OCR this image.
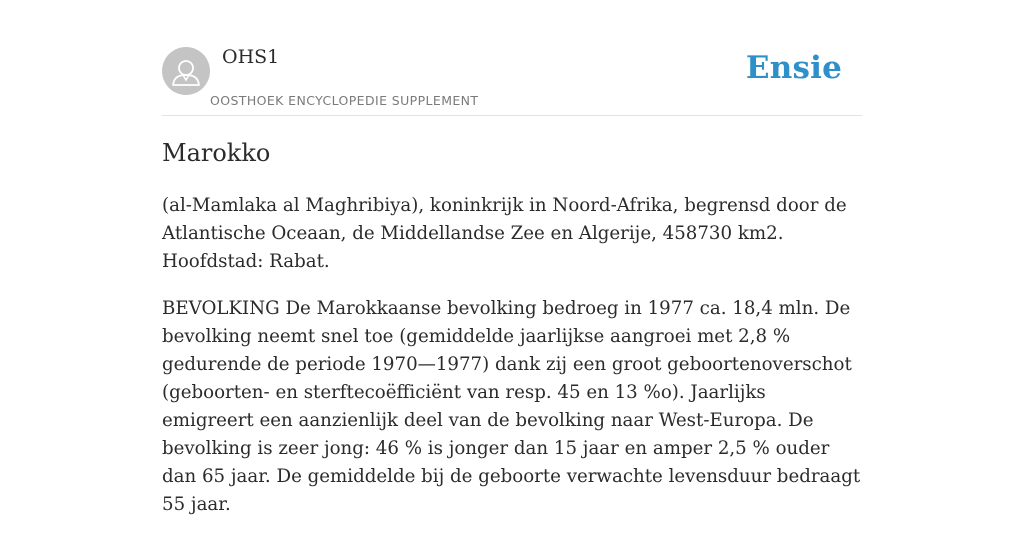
OHS1
OOSTHOEK ENCYCLOPEDIE SUPPLEMENT
Ensie
Marokko

(al-Mamlaka al Maghribiya), koninkrijk in Noord-Afrika, begrensd door de Atlantische Oceaan, de Middellandse Zee en Algerije, 458730 km2. Hoofdstad: Rabat.

BEVOLKING De Marokkaanse bevolking bedroeg in 1977 ca. 18,4 mln. De bevolking neemt snel toe (gemiddelde jaarlijkse aangroei met 2,8 % gedurende de periode 1970—1977) dank zij een groot geboortenoverschot (geboorten- en sterftecoëfficiënt van resp. 45 en 13 %o). Jaarlijks emigreert een aanzienlijk deel van de bevolking naar West-Europa. De bevolking is zeer jong: 46 % is jonger dan 15 jaar en amper 2,5 % ouder dan 65 jaar. De gemiddelde bij de geboorte verwachte levensduur bedraagt 55 jaar.
